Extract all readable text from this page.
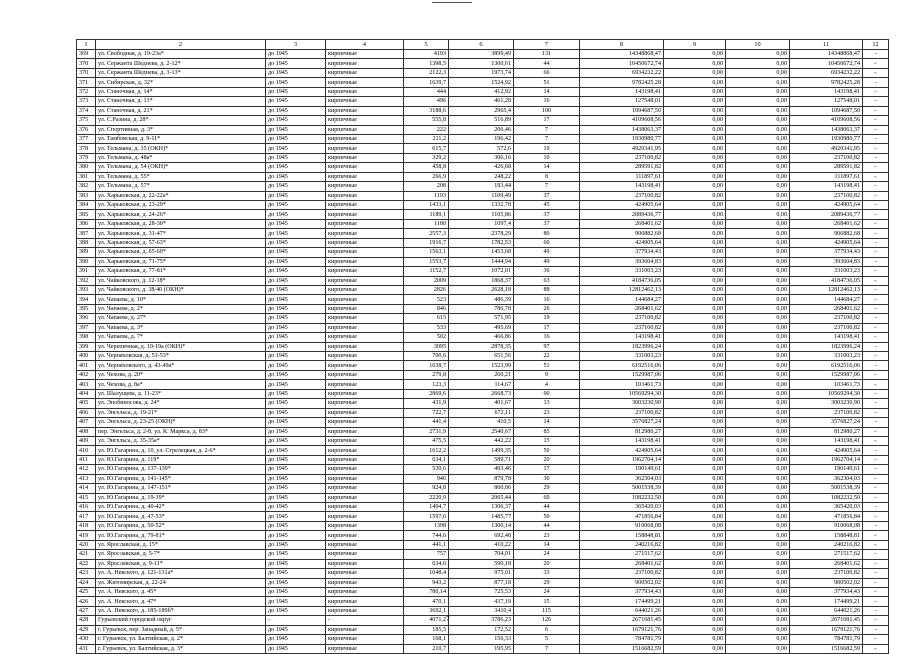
1	2	3	4	5	6	7	8	9	10	11	12
369	ул. Свободная, д. 19-23а*	до 1945	кирпичные	4193	3899,49	131	14348868,47	0,00	0,00	14348868,47	-
370	ул. Сержанта Шеднева, д. 2-12*	до 1945	кирпичные	1398,5	1300,61	44	10450672,74	0,00	0,00	10450672,74	-
370	ул. Сержанта Шеднева, д. 3-13*	до 1945	кирпичные	2122,3	1973,74	66	6934232,22	0,00	0,00	6934232,22	-
371	ул. Сибирская, д. 32*	до 1945	кирпичные	1639,7	1524,92	51	9782425,28	0,00	0,00	9782425,28	-
372	ул. Станочная, д. 14*	до 1945	кирпичные	444	412,92	14	143198,41	0,00	0,00	143198,41	-
373	ул. Станочная, д. 13*	до 1945	кирпичные	496	461,28	16	127548,01	0,00	0,00	127548,01	-
374	ул. Станочная, д. 21*	до 1945	кирпичные	3188,6	2965,4	100	1094687,50	0,00	0,00	1094687,50	-
375	ул. С.Разина, д. 28*	до 1945	кирпичные	555,8	516,89	17	4109608,56	0,00	0,00	4109608,56	-
376	ул. Спортивная, д. 3*	до 1945	кирпичные	222	206,46	7	1438063,37	0,00	0,00	1438063,37	-
377	ул. Тамбовская, д. 9-11*	до 1945	кирпичные	211,2	196,42	7	1930980,77	0,00	0,00	1930980,77	-
378	ул. Тельмана, д. 35 (ОКН)*	до 1945	кирпичные	615,7	572,6	19	4920341,95	0,00	0,00	4920341,95	-
379	ул. Тельмана, д. 48а*	до 1945	кирпичные	329,2	306,16	10	237100,82	0,00	0,00	237100,82	-
380	ул. Тельмана, д. 54 (ОКН)*	до 1945	кирпичные	458,8	426,68	14	289591,82	0,00	0,00	289591,82	-
381	ул. Тельмана, д. 55*	до 1945	кирпичные	266,9	248,22	8	111897,61	0,00	0,00	111897,61	-
382	ул. Тельмана, д. 57*	до 1945	кирпичные	208	193,44	7	143198,41	0,00	0,00	143198,41	-
383	ул. Харьковская, д. 22-22а*	до 1945	кирпичные	1193	1109,49	37	237100,82	0,00	0,00	237100,82	-
384	ул. Харьковская, д. 23-29*	до 1945	кирпичные	1433,1	1332,78	45	424905,64	0,00	0,00	424905,64	-
385	ул. Харьковская, д. 24-26*	до 1945	кирпичные	1189,1	1105,86	37	2089436,77	0,00	0,00	2089436,77	-
386	ул. Харьковская, д. 28-30*	до 1945	кирпичные	1180	1097,4	37	268401,62	0,00	0,00	268401,62	-
387	ул. Харьковская, д. 31-47*	до 1945	кирпичные	2557,3	2378,29	80	906882,68	0,00	0,00	906882,68	-
388	ул. Харьковская, д. 57-63*	до 1945	кирпичные	1916,7	1782,53	60	424905,64	0,00	0,00	424905,64	-
389	ул. Харьковская, д. 65-69*	до 1945	кирпичные	1563,1	1453,68	49	377934,43	0,00	0,00	377934,43	-
390	ул. Харьковская, д. 71-75*	до 1945	кирпичные	1553,7	1444,94	49	393604,83	0,00	0,00	393604,83	-
391	ул. Харьковская, д. 77-81*	до 1945	кирпичные	1152,7	1072,01	36	331003,23	0,00	0,00	331003,23	-
392	ул. Чайковского, д. 12-18*	до 1945	кирпичные	2009	1868,37	63	4184736,05	0,00	0,00	4184736,05	-
393	ул. Чайковского, д. 38/40 (ОКН)*	до 1945	кирпичные	2826	2628,18	88	12812462,13	0,00	0,00	12812462,13	-
394	ул. Чапаева, д. 10*	до 1945	кирпичные	523	486,39	16	144684,27	0,00	0,00	144684,27	-
395	ул. Чапаева, д. 2*	до 1945	кирпичные	846	786,78	26	268401,62	0,00	0,00	268401,62	-
396	ул. Чапаева, д. 27*	до 1945	кирпичные	615	571,95	19	237100,82	0,00	0,00	237100,82	-
397	ул. Чапаева, д. 3*	до 1945	кирпичные	533	495,69	17	237100,82	0,00	0,00	237100,82	-
398	ул. Чапаева, д. 7*	до 1945	кирпичные	502	466,86	16	143198,41	0,00	0,00	143198,41	-
399	ул. Черепичная, д. 19-19а (ОКН)*	до 1945	кирпичные	3095	2878,35	97	1823996,24	0,00	0,00	1823996,24	-
400	ул. Черняховская, д. 51-53*	до 1945	кирпичные	700,6	651,56	22	331003,23	0,00	0,00	331003,23	-
401	ул. Черняховского, д. 43-49а*	до 1945	кирпичные	1638,7	1523,99	51	6192516,06	0,00	0,00	6192516,06	-
402	ул. Чехова, д. 20*	до 1945	кирпичные	279,8	260,21	9	1529987,06	0,00	0,00	1529987,06	-
403	ул. Чехова, д. 8а*	до 1945	кирпичные	123,3	114,67	4	103461,73	0,00	0,00	103461,73	-
404	ул. Шалущева, д. 11-23*	до 1945	кирпичные	2869,6	2668,73	90	10569294,30	0,00	0,00	10569294,30	-
405	ул. Эпобиносова, д. 24*	до 1945	кирпичные	431,9	401,67	13	3003230,90	0,00	0,00	3003230,90	-
406	ул. Энгельса, д. 19-21*	до 1945	кирпичные	722,7	672,11	23	237100,82	0,00	0,00	237100,82	-
407	ул. Энгельса, д. 23-25 (ОКН)*	до 1945	кирпичные	441,4	410,5	14	3576827,24	0,00	0,00	3576827,24	-
408	пер. Энгельса, д. 2-8, ул. К. Маркса, д. 83*	до 1945	кирпичные	2731,9	2540,67	85	812980,27	0,00	0,00	812980,27	-
409	ул. Энгельса, д. 35-35а*	до 1945	кирпичные	475,5	442,22	15	143198,41	0,00	0,00	143198,41	-
410	ул. Ю.Гагарина, д. 10, ул. Стрелецкая, д. 2-6*	до 1945	кирпичные	1612,2	1499,35	50	424905,64	0,00	0,00	424905,64	-
411	ул. Ю.Гагарина, д. 119*	до 1945	кирпичные	634,1	589,71	20	1962704,14	0,00	0,00	1962704,14	-
412	ул. Ю.Гагарина, д. 137-139*	до 1945	кирпичные	530,6	493,46	17	190149,61	0,00	0,00	190149,61	-
413	ул. Ю.Гагарина, д. 141-145*	до 1945	кирпичные	946	879,78	30	362304,03	0,00	0,00	362304,03	-
414	ул. Ю.Гагарина, д. 147-151*	до 1945	кирпичные	924,8	860,06	29	5001538,39	0,00	0,00	5001538,39	-
415	ул. Ю.Гагарина, д. 19-39*	до 1945	кирпичные	2220,9	2065,44	69	1082232,50	0,00	0,00	1082232,50	-
416	ул. Ю.Гагарина, д. 40-42*	до 1945	кирпичные	1404,7	1306,37	44	365420,03	0,00	0,00	365420,03	-
417	ул. Ю.Гагарина, д. 47-53*	до 1945	кирпичные	1597,6	1485,77	50	471856,84	0,00	0,00	471856,84	-
418	ул. Ю.Гагарина, д. 50-52*	до 1945	кирпичные	1398	1300,14	44	910068,08	0,00	0,00	910068,08	-
419	ул. Ю.Гагарина, д. 79-81*	до 1945	кирпичные	744,6	692,48	23	158848,81	0,00	0,00	158848,81	-
420	ул. Ярославская, д. 15*	до 1945	кирпичные	441,1	410,22	14	240216,82	0,00	0,00	240216,82	-
421	ул. Ярославская, д. 5-7*	до 1945	кирпичные	757	704,01	24	271517,62	0,00	0,00	271517,62	-
422	ул. Ярославская, д. 9-11*	до 1945	кирпичные	634,6	590,18	20	268401,62	0,00	0,00	268401,62	-
423	ул. А. Невского, д. 121-131а*	до 1945	кирпичные	1048,4	975,01	33	237100,82	0,00	0,00	237100,82	-
424	ул. Житомирская, д. 22-24	до 1945	кирпичные	943,2	877,18	29	900502,02	0,00	0,00	900502,02	-
425	ул. А. Невского, д. 45*	до 1945	кирпичные	780,14	725,53	24	377934,43	0,00	0,00	377934,43	-
426	ул. А. Невского, д. 47*	до 1945	кирпичные	470,1	437,19	15	174499,21	0,00	0,00	174499,21	-
427	ул. А. Невского, д. 185-189б*	до 1945	кирпичные	3692,1	3410,4	115	644021,26	0,00	0,00	644021,26	-
428	Гурьевский городской округ	-	-	4071,2	3786,23	126	2671681,45	0,00	0,00	2671681,45	-
429	г. Гурьевск, пер. Западный, д. 5*	до 1945	кирпичные	185,5	172,52	6	1679121,76	0,00	0,00	1679121,76	-
430	г. Гурьевск, ул. Балтийская, д. 2*	до 1945	кирпичные	168,1	156,33	5	784781,79	0,00	0,00	784781,79	-
431	г. Гурьевск, ул. Балтийская, д. 3*	до 1945	кирпичные	210,7	195,95	7	1516682,59	0,00	0,00	1516682,59	-
7
